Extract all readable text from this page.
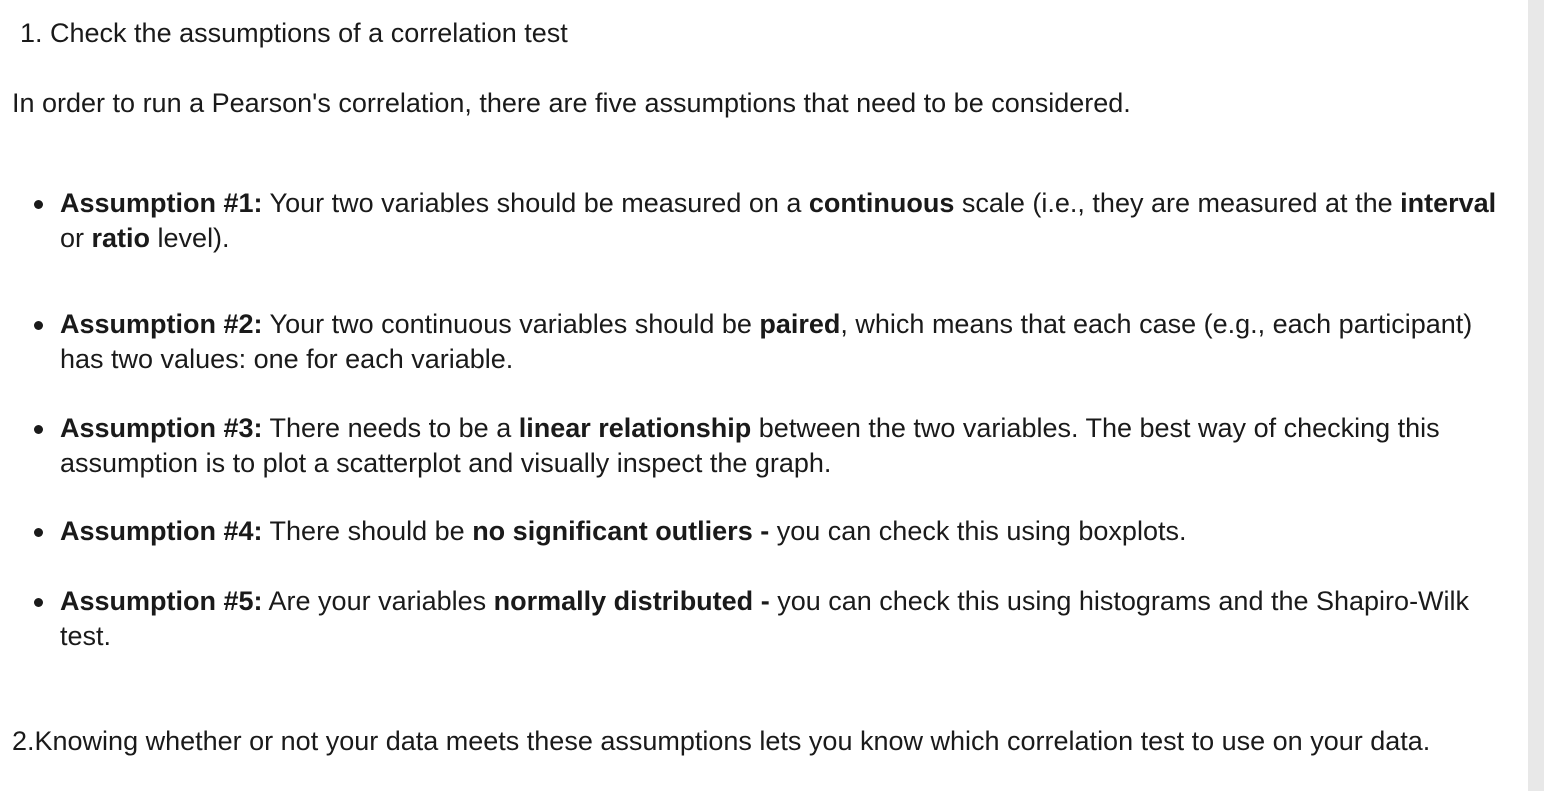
1. Check the assumptions of a correlation test

In order to run a Pearson's correlation, there are five assumptions that need to be considered.

Assumption #1: Your two variables should be measured on a continuous scale (i.e., they are measured at the interval or ratio level).
Assumption #2: Your two continuous variables should be paired, which means that each case (e.g., each participant) has two values: one for each variable.
Assumption #3: There needs to be a linear relationship between the two variables. The best way of checking this assumption is to plot a scatterplot and visually inspect the graph.
Assumption #4: There should be no significant outliers - you can check this using boxplots.
Assumption #5: Are your variables normally distributed - you can check this using histograms and the Shapiro-Wilk test.

2.Knowing whether or not your data meets these assumptions lets you know which correlation test to use on your data.
